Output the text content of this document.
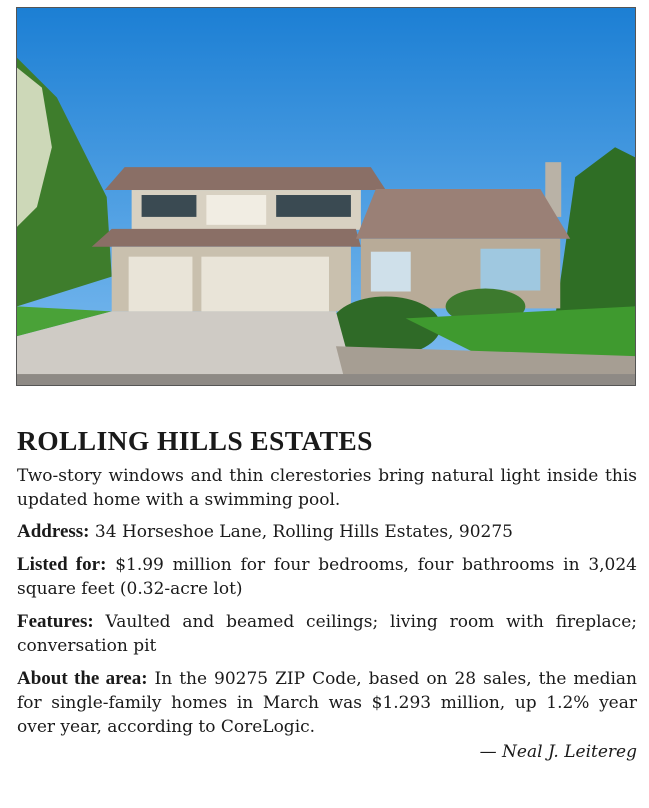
ROLLING HILLS ESTATES

Two-story windows and thin clerestories bring natural light inside this updated home with a swimming pool.

Address: 34 Horseshoe Lane, Rolling Hills Estates, 90275

Listed for: $1.99 million for four bedrooms, four bathrooms in 3,024 square feet (0.32-acre lot)

Features: Vaulted and beamed ceilings; living room with fireplace; conversation pit

About the area: In the 90275 ZIP Code, based on 28 sales, the median for single-family homes in March was $1.293 million, up 1.2% year over year, according to CoreLogic.

— Neal J. Leitereg
